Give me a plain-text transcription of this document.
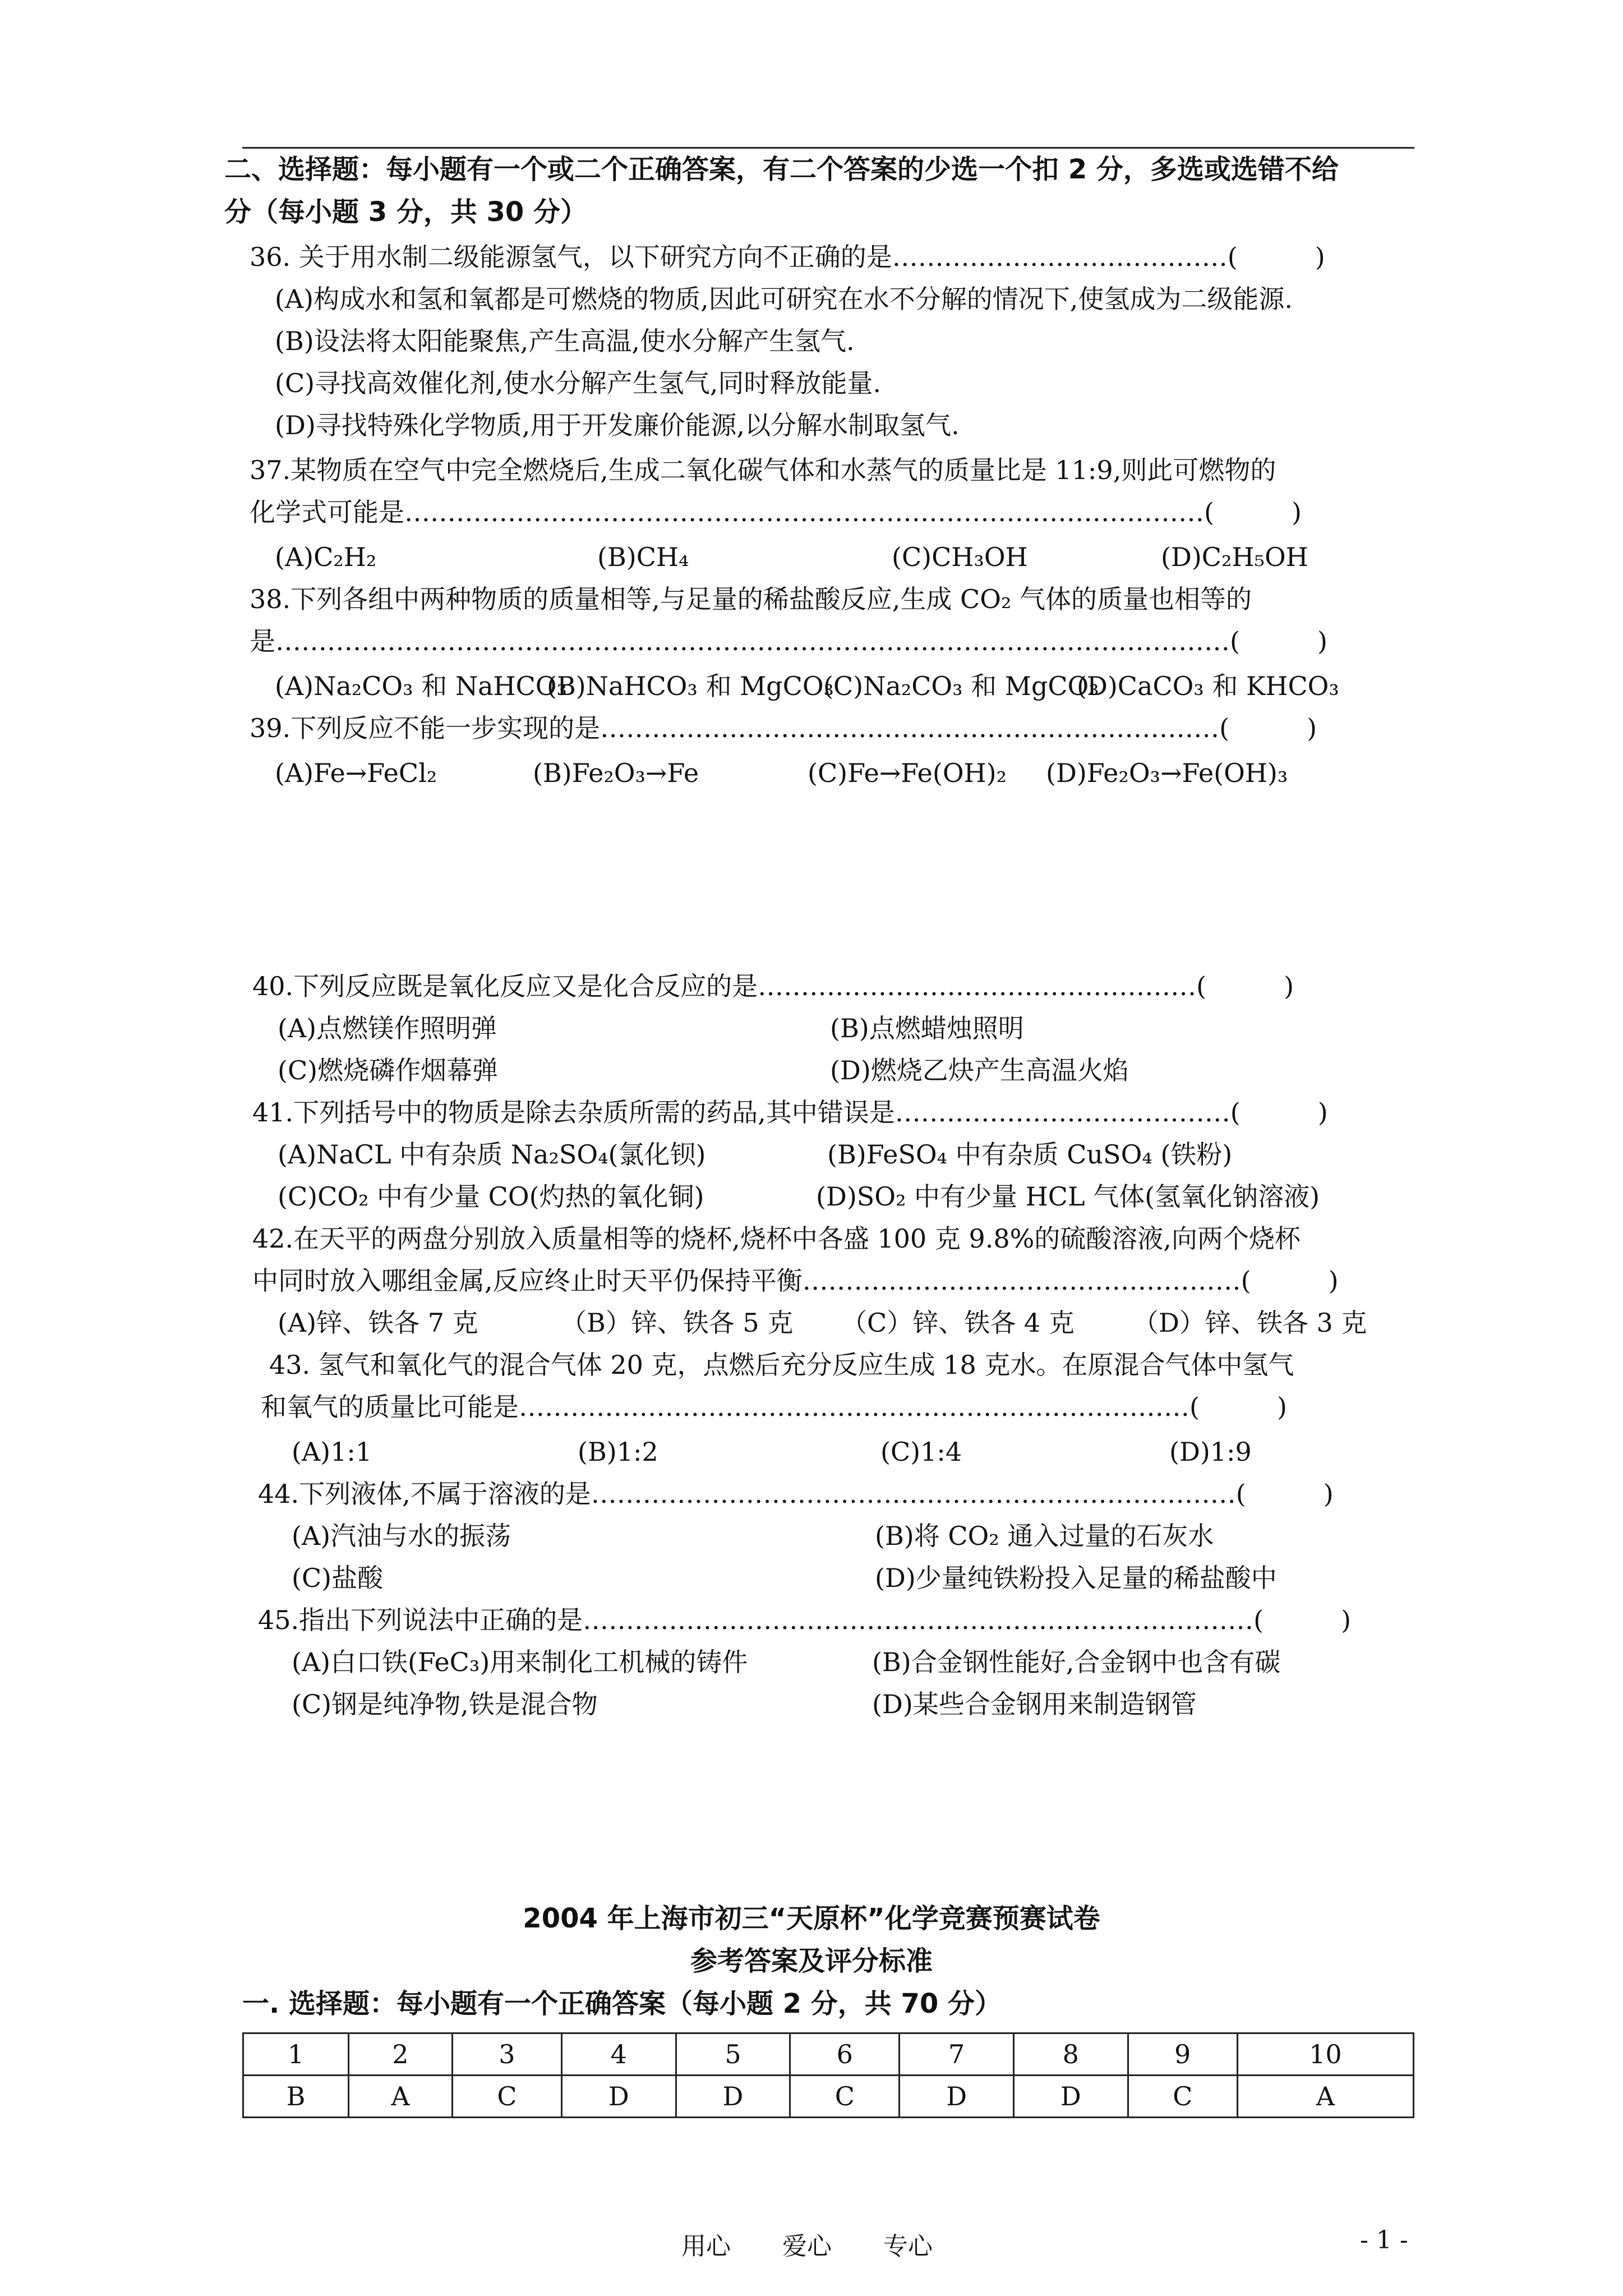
二、选择题：每小题有一个或二个正确答案，有二个答案的少选一个扣 2 分，多选或选错不给
分（每小题 3 分，共 30 分）
36. 关于用水制二级能源氢气，以下研究方向不正确的是…………………………………(　　　)
(A)构成水和氢和氧都是可燃烧的物质,因此可研究在水不分解的情况下,使氢成为二级能源.
(B)设法将太阳能聚焦,产生高温,使水分解产生氢气.
(C)寻找高效催化剂,使水分解产生氢气,同时释放能量.
(D)寻找特殊化学物质,用于开发廉价能源,以分解水制取氢气.
37.某物质在空气中完全燃烧后,生成二氧化碳气体和水蒸气的质量比是 11:9,则此可燃物的
化学式可能是…………………………………………………………………………………(　　　)
(A)C₂H₂	(B)CH₄	(C)CH₃OH	(D)C₂H₅OH
38.下列各组中两种物质的质量相等,与足量的稀盐酸反应,生成 CO₂ 气体的质量也相等的
是…………………………………………………………………………………………………(　　　)
(A)Na₂CO₃ 和 NaHCO₃
(B)NaHCO₃ 和 MgCO₃
(C)Na₂CO₃ 和 MgCO₃
(D)CaCO₃ 和 KHCO₃
39.下列反应不能一步实现的是………………………………………………………………(　　　)
(A)Fe→FeCl₂	(B)Fe₂O₃→Fe	(C)Fe→Fe(OH)₂ (D)Fe₂O₃→Fe(OH)₃
40.下列反应既是氧化反应又是化合反应的是……………………………………………(　　　)
(A)点燃镁作照明弹	(B)点燃蜡烛照明
(C)燃烧磷作烟幕弹	(D)燃烧乙炔产生高温火焰
41.下列括号中的物质是除去杂质所需的药品,其中错误是…………………………………(　　　)
(A)NaCL 中有杂质 Na₂SO₄(氯化钡)	(B)FeSO₄ 中有杂质 CuSO₄ (铁粉)
(C)CO₂ 中有少量 CO(灼热的氧化铜)	(D)SO₂ 中有少量 HCL 气体(氢氧化钠溶液)
42.在天平的两盘分别放入质量相等的烧杯,烧杯中各盛 100 克 9.8%的硫酸溶液,向两个烧杯
中同时放入哪组金属,反应终止时天平仍保持平衡……………………………………………(　　　)
(A)锌、铁各 7 克	（B）锌、铁各 5 克 （C）锌、铁各 4 克 （D）锌、铁各 3 克
43. 氢气和氧化气的混合气体 20 克，点燃后充分反应生成 18 克水。在原混合气体中氢气
和氧气的质量比可能是……………………………………………………………………(　　　)
(A)1:1	(B)1:2	(C)1:4	(D)1:9
44.下列液体,不属于溶液的是…………………………………………………………………(　　　)
(A)汽油与水的振荡	(B)将 CO₂ 通入过量的石灰水
(C)盐酸	(D)少量纯铁粉投入足量的稀盐酸中
45.指出下列说法中正确的是……………………………………………………………………(　　　)
(A)白口铁(FeC₃)用来制化工机械的铸件	(B)合金钢性能好,合金钢中也含有碳
(C)钢是纯净物,铁是混合物	(D)某些合金钢用来制造钢管
2004 年上海市初三“天原杯”化学竞赛预赛试卷
参考答案及评分标准
一. 选择题：每小题有一个正确答案（每小题 2 分，共 70 分）
1	2	3	4	5	6	7	8	9	10
B	A	C	D	D	C	D	D	C	A
用心 爱心 专心	- 1 -
